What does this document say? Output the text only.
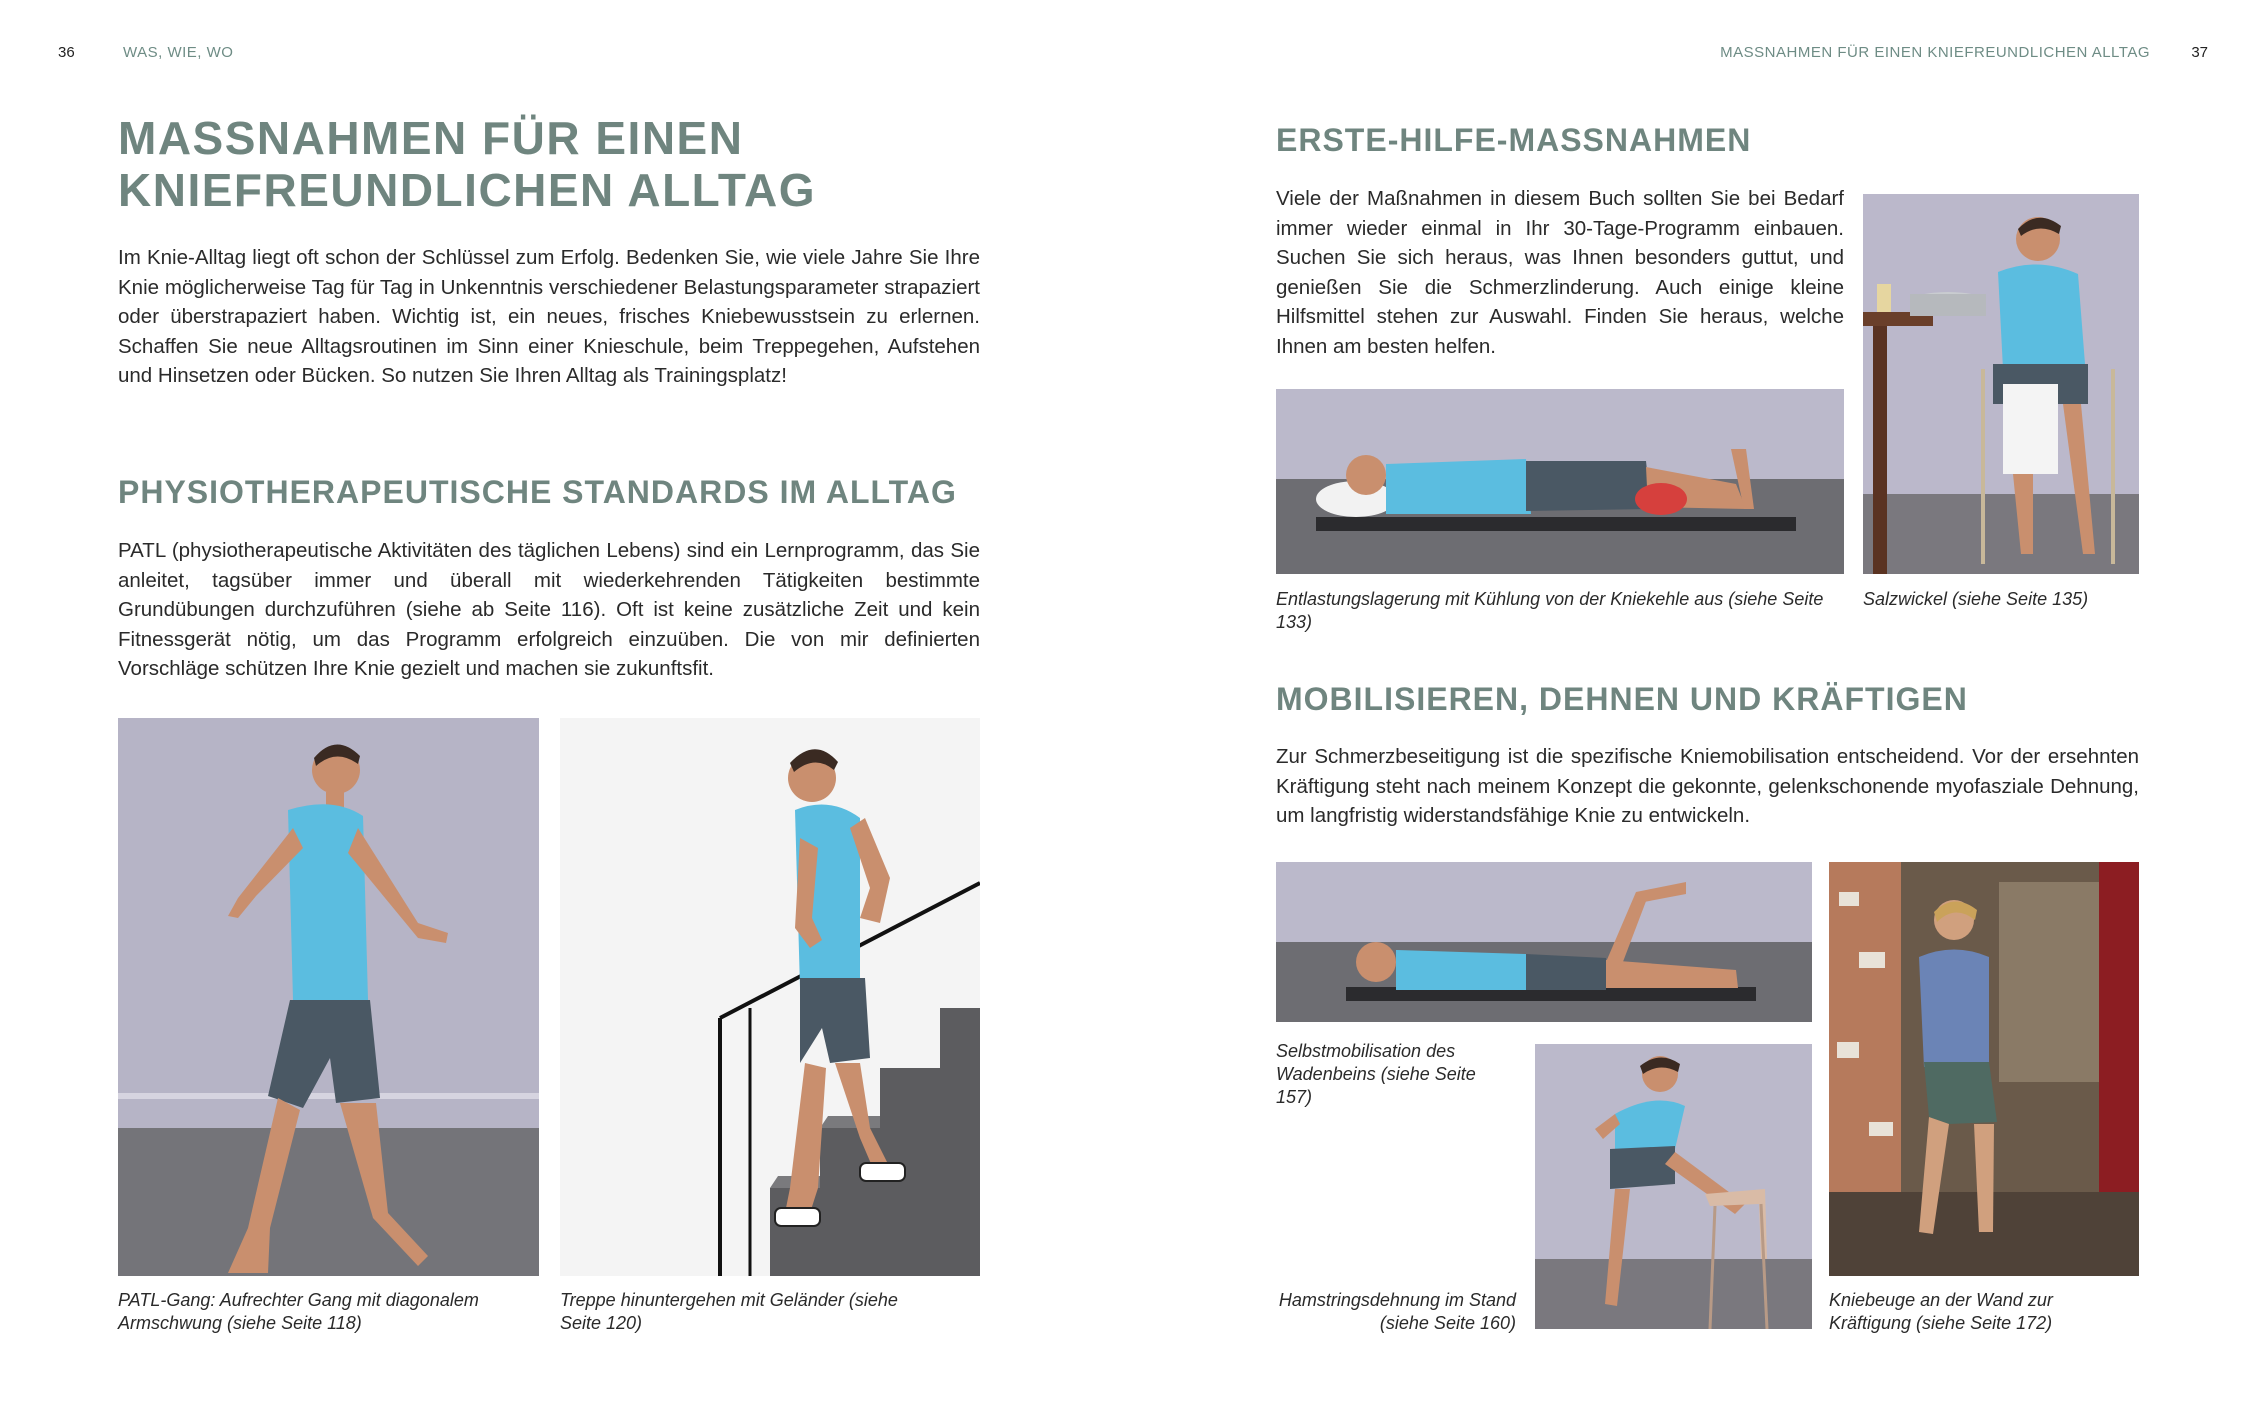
36	WAS, WIE, WO
MASSNAHMEN FÜR EINEN
KNIEFREUNDLICHEN ALLTAG

Im Knie-Alltag liegt oft schon der Schlüssel zum Erfolg. Bedenken Sie, wie viele Jahre Sie Ihre Knie möglicherweise Tag für Tag in Unkenntnis verschiedener Belastungsparameter strapaziert oder überstrapaziert haben. Wichtig ist, ein neues, frisches Kniebewusstsein zu erlernen. Schaffen Sie neue Alltagsroutinen im Sinn einer Knieschule, beim Treppegehen, Aufstehen und Hinsetzen oder Bücken. So nutzen Sie Ihren Alltag als Trainingsplatz!

PHYSIOTHERAPEUTISCHE STANDARDS IM ALLTAG

PATL (physiotherapeutische Aktivitäten des täglichen Lebens) sind ein Lernprogramm, das Sie anleitet, tagsüber immer und überall mit wiederkehrenden Tätigkeiten bestimmte Grundübungen durchzuführen (siehe ab Seite 116). Oft ist keine zusätzliche Zeit und kein Fitnessgerät nötig, um das Programm erfolgreich einzuüben. Die von mir definierten Vorschläge schützen Ihre Knie gezielt und machen sie zukunftsfit.

PATL-Gang: Aufrechter Gang mit diagonalem Armschwung (siehe Seite 118)

Treppe hinuntergehen mit Geländer (siehe Seite 120)

MASSNAHMEN FÜR EINEN KNIEFREUNDLICHEN ALLTAG	37
ERSTE-HILFE-MASSNAHMEN

Viele der Maßnahmen in diesem Buch sollten Sie bei Bedarf immer wieder einmal in Ihr 30-Tage-Programm einbauen. Suchen Sie sich heraus, was Ihnen besonders guttut, und genießen Sie die Schmerzlinderung. Auch einige kleine Hilfsmittel stehen zur Auswahl. Finden Sie heraus, welche Ihnen am besten helfen.

Entlastungslagerung mit Kühlung von der Kniekehle aus (siehe Seite 133)

Salzwickel (siehe Seite 135)

MOBILISIEREN, DEHNEN UND KRÄFTIGEN

Zur Schmerzbeseitigung ist die spezifische Kniemobilisation entscheidend. Vor der ersehnten Kräftigung steht nach meinem Konzept die gekonnte, gelenkschonende myofasziale Dehnung, um langfristig widerstandsfähige Knie zu entwickeln.

Selbstmobilisation des Wadenbeins (siehe Seite 157)

Hamstringsdehnung im Stand (siehe Seite 160)

Kniebeuge an der Wand zur Kräftigung (siehe Seite 172)
